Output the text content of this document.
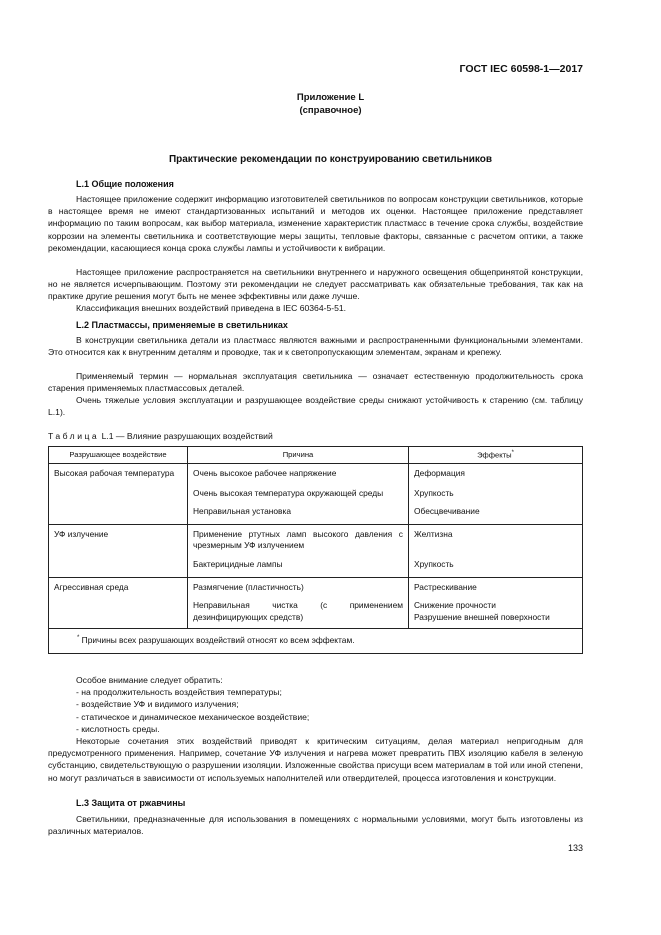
ГОСТ IEC 60598-1—2017
Приложение L
(справочное)
Практические рекомендации по конструированию светильников
L.1 Общие положения

Настоящее приложение содержит информацию изготовителей светильников по вопросам конструкции светильников, которые в настоящее время не имеют стандартизованных испытаний и методов их оценки. Настоящее приложение представляет информацию по таким вопросам, как выбор материала, изменение характеристик пластмасс в течение срока службы, воздействие коррозии на элементы светильника и соответствующие меры защиты, тепловые факторы, связанные с расчетом оптики, а также рекомендации, касающиеся конца срока службы лампы и устойчивости к вибрации.

Настоящее приложение распространяется на светильники внутреннего и наружного освещения общепринятой конструкции, но не является исчерпывающим. Поэтому эти рекомендации не следует рассматривать как обязательные требования, так как на практике другие решения могут быть не менее эффективны или даже лучше.

Классификация внешних воздействий приведена в IEC 60364-5-51.

L.2 Пластмассы, применяемые в светильниках

В конструкции светильника детали из пластмасс являются важными и распространенными функциональными элементами. Это относится как к внутренним деталям и проводке, так и к светопропускающим элементам, экранам и крепежу.

Применяемый термин — нормальная эксплуатация светильника — означает естественную продолжительность срока старения применяемых пластмассовых деталей.

Очень тяжелые условия эксплуатации и разрушающее воздействие среды снижают устойчивость к старению (см. таблицу L.1).

Таблица L.1 — Влияние разрушающих воздействий
Разрушающее воздействие	Причина	Эффекты*
Высокая рабочая температура	Очень высокое рабочее напряжение	Деформация
	Очень высокая температура окружающей среды	Хрупкость
	Неправильная установка	Обесцвечивание
УФ излучение	Применение ртутных ламп высокого давления с чрезмерным УФ излучением	Желтизна
	Бактерицидные лампы	Хрупкость
Агрессивная среда	Размягчение (пластичность)	Растрескивание
	Неправильная чистка (с применением дезинфицирующих средств)	Снижение прочности
Разрушение внешней поверхности

* Причины всех разрушающих воздействий относят ко всем эффектам.		
Особое внимание следует обратить:
- на продолжительность воздействия температуры;
- воздействие УФ и видимого излучения;
- статическое и динамическое механическое воздействие;
- кислотность среды.

Некоторые сочетания этих воздействий приводят к критическим ситуациям, делая материал непригодным для предусмотренного применения. Например, сочетание УФ излучения и нагрева может превратить ПВХ изоляцию кабеля в зеленую субстанцию, свидетельствующую о разрушении изоляции. Изложенные свойства присущи всем материалам в той или иной степени, но могут различаться в зависимости от используемых наполнителей или отвердителей, процесса изготовления и конструкции.

L.3 Защита от ржавчины

Светильники, предназначенные для использования в помещениях с нормальными условиями, могут быть изготовлены из различных материалов.

133
